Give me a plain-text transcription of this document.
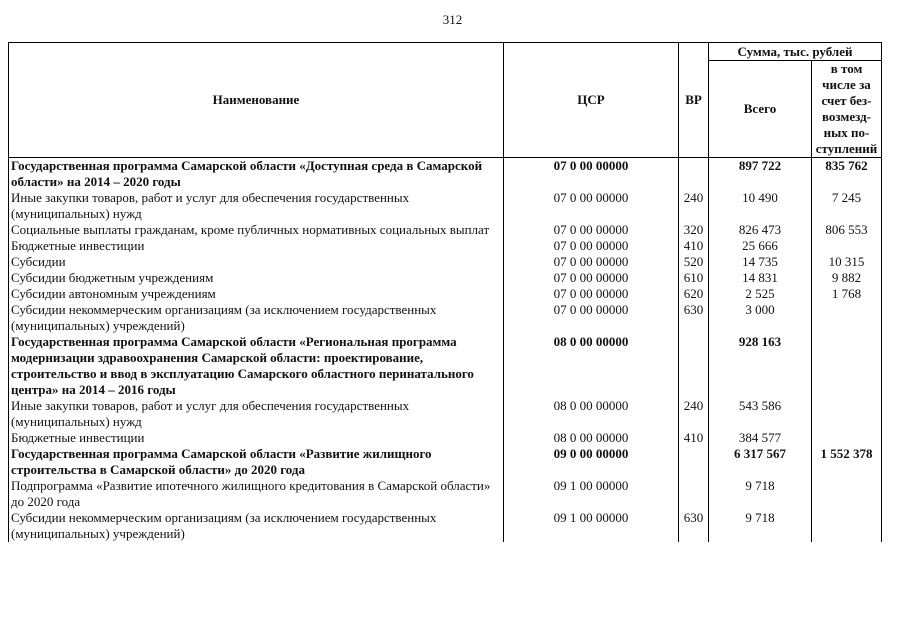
312
Наименование	ЦСР	ВР	Сумма, тыс. рублей	
			Всего	в том числе за счет без-возмезд-ных по-ступлений
Государственная программа Самарской области «Доступная среда в Самарской области» на 2014 – 2020 годы	07 0 00 00000		897 722	835 762
Иные закупки товаров, работ и услуг для обеспечения государственных (муниципальных) нужд	07 0 00 00000	240	10 490	7 245
Социальные выплаты гражданам, кроме публичных нормативных социальных выплат	07 0 00 00000	320	826 473	806 553
Бюджетные инвестиции	07 0 00 00000	410	25 666	
Субсидии	07 0 00 00000	520	14 735	10 315
Субсидии бюджетным учреждениям	07 0 00 00000	610	14 831	9 882
Субсидии автономным учреждениям	07 0 00 00000	620	2 525	1 768
Субсидии некоммерческим организациям (за исключением государственных (муниципальных) учреждений)	07 0 00 00000	630	3 000	
Государственная программа Самарской области «Региональная программа модернизации здравоохранения Самарской области: проектирование, строительство и ввод в эксплуатацию Самарского областного перинатального центра» на 2014 – 2016 годы	08 0 00 00000		928 163	
Иные закупки товаров, работ и услуг для обеспечения государственных (муниципальных) нужд	08 0 00 00000	240	543 586	
Бюджетные инвестиции	08 0 00 00000	410	384 577	
Государственная программа Самарской области «Развитие жилищного строительства в Самарской области» до 2020 года	09 0 00 00000		6 317 567	1 552 378
Подпрограмма «Развитие ипотечного жилищного кредитования в Самарской области» до 2020 года	09 1 00 00000		9 718	
Субсидии некоммерческим организациям (за исключением государственных (муниципальных) учреждений)	09 1 00 00000	630	9 718	
